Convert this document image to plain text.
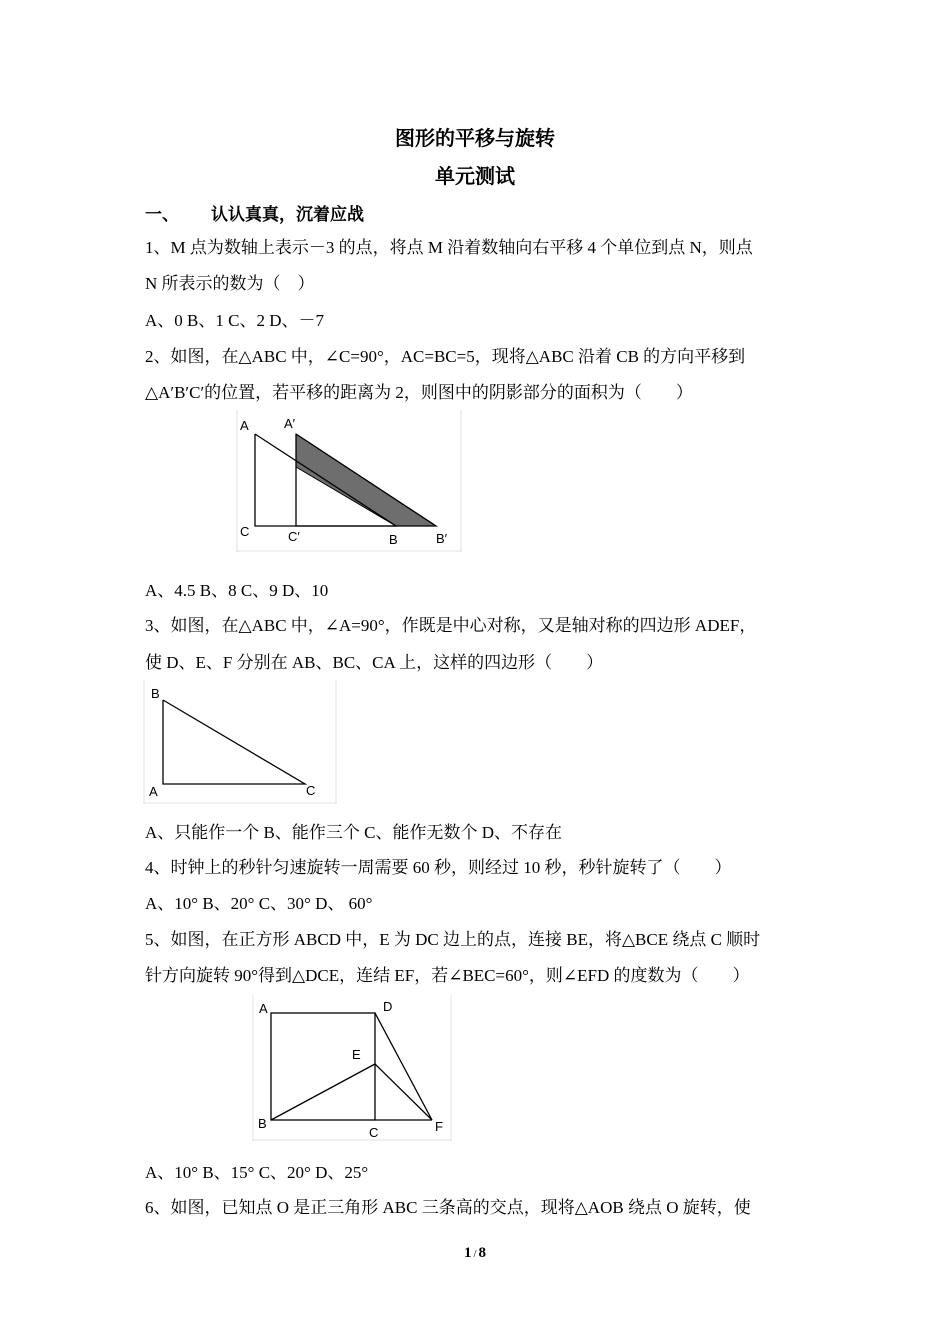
图形的平移与旋转
单元测试
一、 认认真真，沉着应战
1、M 点为数轴上表示－3 的点，将点 M 沿着数轴向右平移 4 个单位到点 N，则点
N 所表示的数为（　）
A、0 B、1 C、2 D、－7
2、如图，在△ABC 中，∠C=90°，AC=BC=5，现将△ABC 沿着 CB 的方向平移到
△A′B′C′的位置，若平移的距离为 2，则图中的阴影部分的面积为（　　）
A	A′
C	C′	B	B′
A、4.5 B、8 C、9 D、10
3、如图，在△ABC 中，∠A=90°，作既是中心对称，又是轴对称的四边形 ADEF，
使 D、E、F 分别在 AB、BC、CA 上，这样的四边形（　　）
B
A	C
A、只能作一个 B、能作三个 C、能作无数个 D、不存在
4、时钟上的秒针匀速旋转一周需要 60 秒，则经过 10 秒，秒针旋转了（　　）
A、10° B、20° C、30° D、 60°
5、如图，在正方形 ABCD 中，E 为 DC 边上的点，连接 BE，将△BCE 绕点 C 顺时
针方向旋转 90°得到△DCE，连结 EF，若∠BEC=60°，则∠EFD 的度数为（　　）
A	D
E
B
C	F
A、10° B、15° C、20° D、25°
6、如图，已知点 O 是正三角形 ABC 三条高的交点，现将△AOB 绕点 O 旋转，使
1 / 8
